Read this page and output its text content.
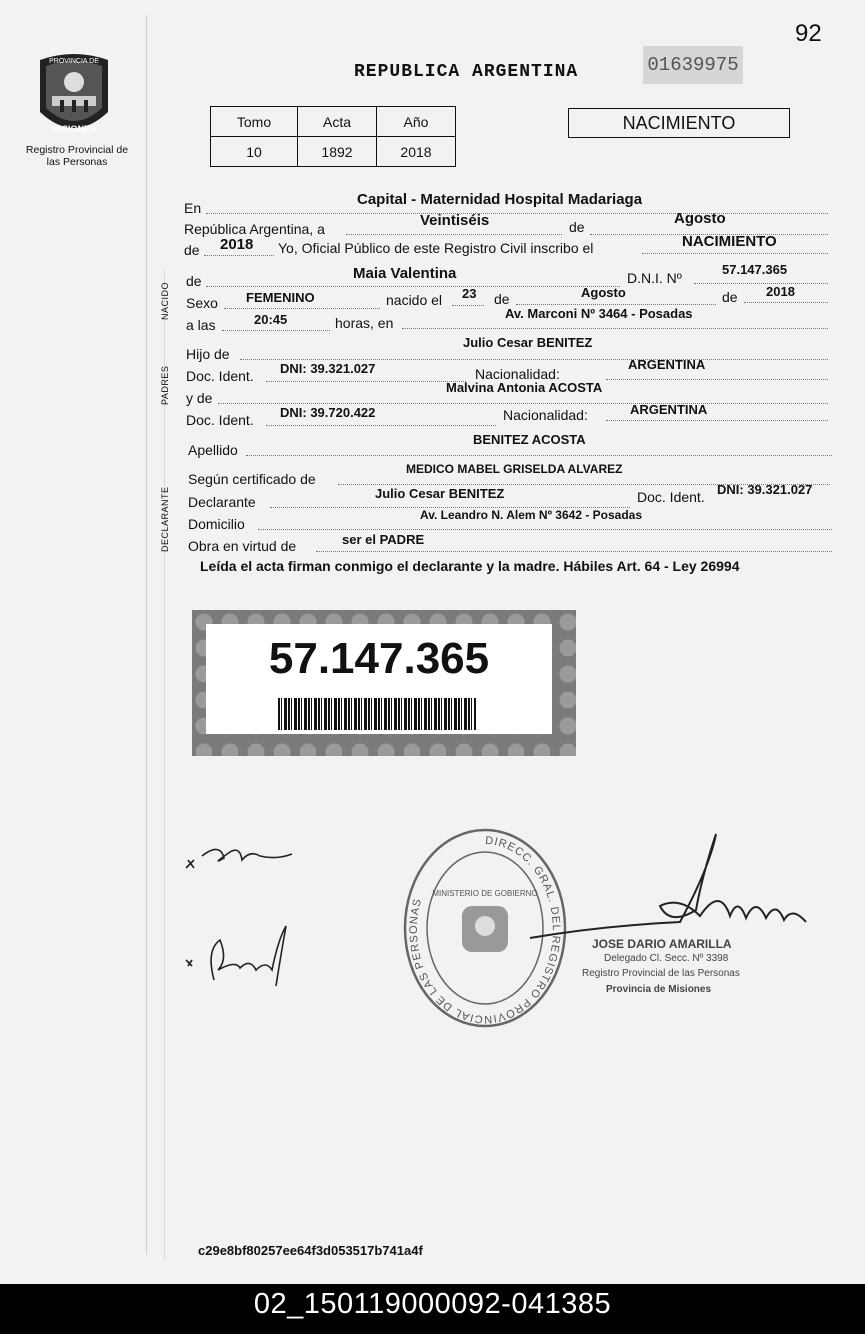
92
PROVINCIA DE
MISIONES
Registro Provincial de las Personas
REPUBLICA ARGENTINA	01639975
Tomo	Acta	Año
10	1892	2018
NACIMIENTO
NACIDO
PADRES
DECLARANTE
En	Capital - Maternidad Hospital Madariaga
República Argentina, a	Veintiséis	de	Agosto
de 2018 Yo, Oficial Público de este Registro Civil inscribo el	NACIMIENTO
de	Maia Valentina	D.N.I. Nº
57.147.365
Sexo FEMENINO	nacido el 23 de	Agosto	de 2018
a las	20:45	horas, en
Av. Marconi Nº 3464 - Posadas
Hijo de
Julio Cesar BENITEZ
Doc. Ident. DNI: 39.321.027	Nacionalidad:
ARGENTINA
y de
Malvina Antonia ACOSTA
Doc. Ident. DNI: 39.720.422	Nacionalidad:	ARGENTINA
Apellido
BENITEZ ACOSTA
Según certificado de
MEDICO MABEL GRISELDA ALVAREZ
Declarante
Julio Cesar BENITEZ	Doc. Ident. DNI: 39.321.027
Domicilio
Av. Leandro N. Alem Nº 3642 - Posadas
Obra en virtud de	ser el PADRE
Leída el acta firman conmigo el declarante y la madre. Hábiles Art. 64 - Ley 26994
57.147.365
DIRECC. GRAL. DEL REGISTRO PROVINCIAL DE LAS PERSONAS
MINISTERIO DE GOBIERNO
JOSE DARIO AMARILLA
Delegado Cl. Secc. Nº 3398
Registro Provincial de las Personas
Provincia de Misiones
c29e8bf80257ee64f3d053517b741a4f
02_150119000092-041385
